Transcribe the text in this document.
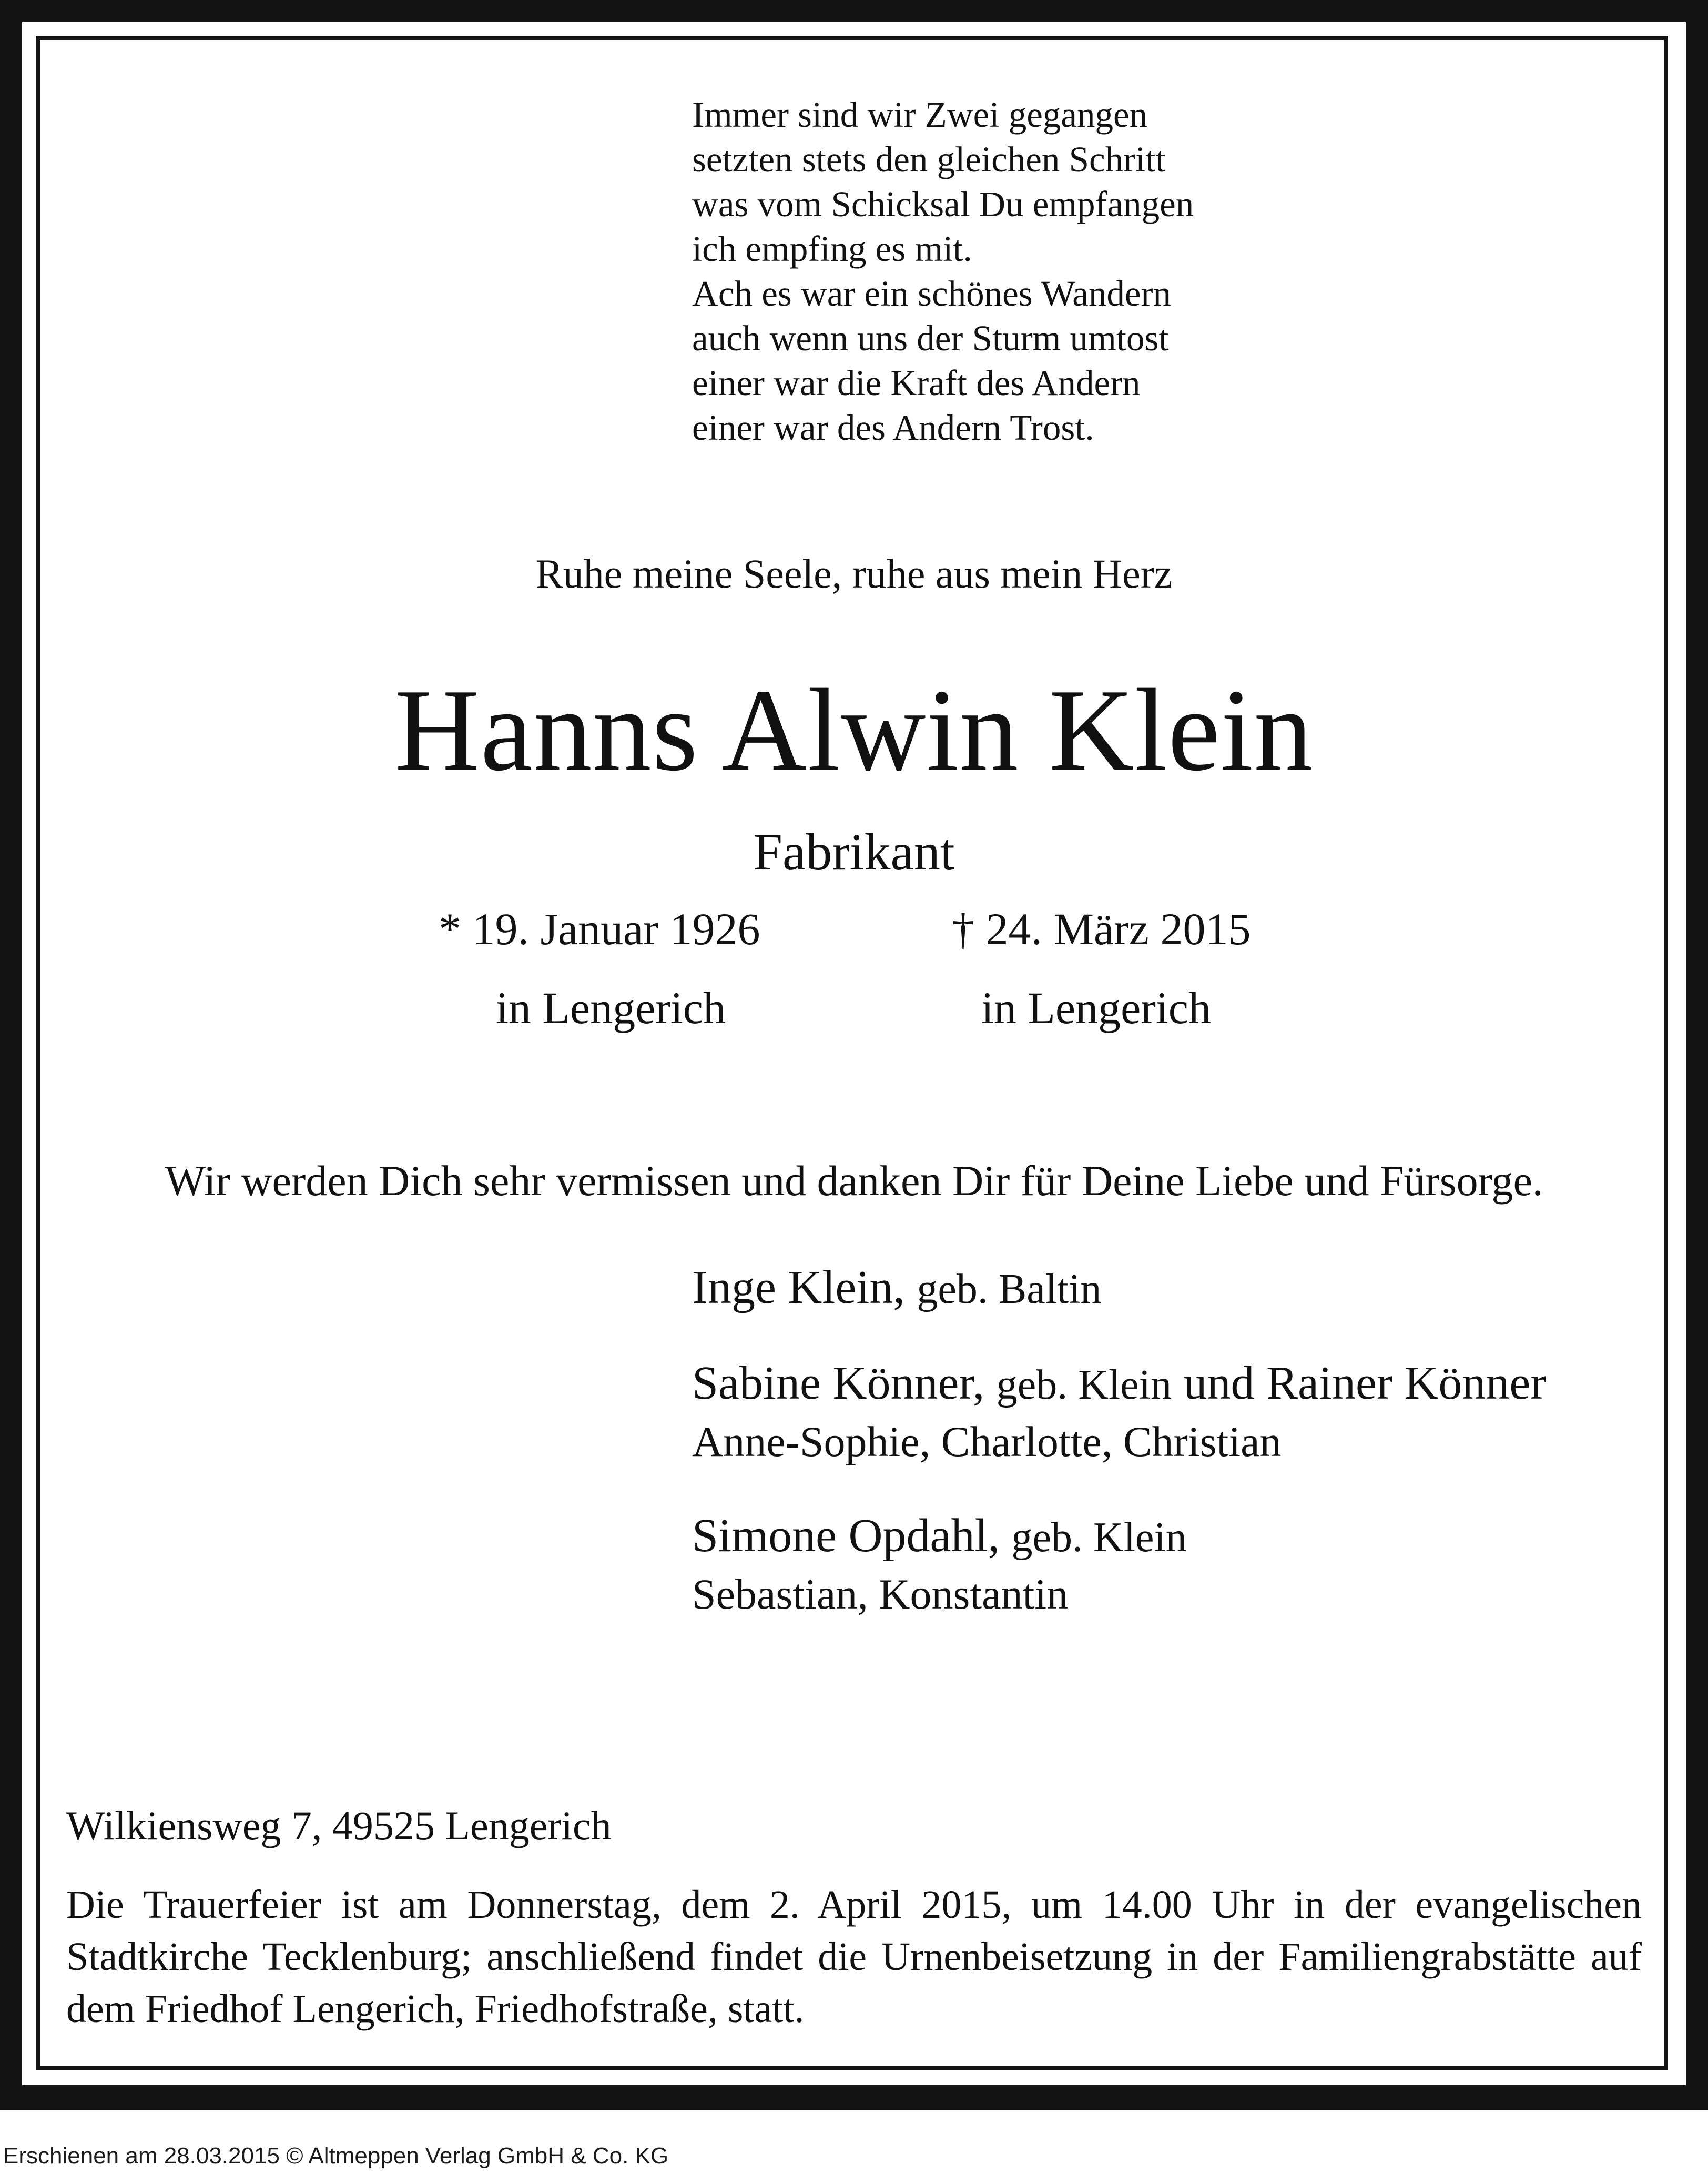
Immer sind wir Zwei gegangen
setzten stets den gleichen Schritt
was vom Schicksal Du empfangen
ich empfing es mit.
Ach es war ein schönes Wandern
auch wenn uns der Sturm umtost
einer war die Kraft des Andern
einer war des Andern Trost.
Ruhe meine Seele, ruhe aus mein Herz
Hanns Alwin Klein
Fabrikant
* 19. Januar 1926	† 24. März 2015
in Lengerich	in Lengerich
Wir werden Dich sehr vermissen und danken Dir für Deine Liebe und Fürsorge.
Inge Klein, geb. Baltin
Sabine Könner, geb. Klein und Rainer Könner
Anne-Sophie, Charlotte, Christian
Simone Opdahl, geb. Klein
Sebastian, Konstantin
Wilkiensweg 7, 49525 Lengerich
Die Trauerfeier ist am Donnerstag, dem 2. April 2015, um 14.00 Uhr in der evangelischen Stadtkirche Tecklenburg; anschließend findet die Urnenbeisetzung in der Familiengrabstätte auf dem Friedhof Lengerich, Friedhofstraße, statt.
Erschienen am 28.03.2015 © Altmeppen Verlag GmbH & Co. KG
